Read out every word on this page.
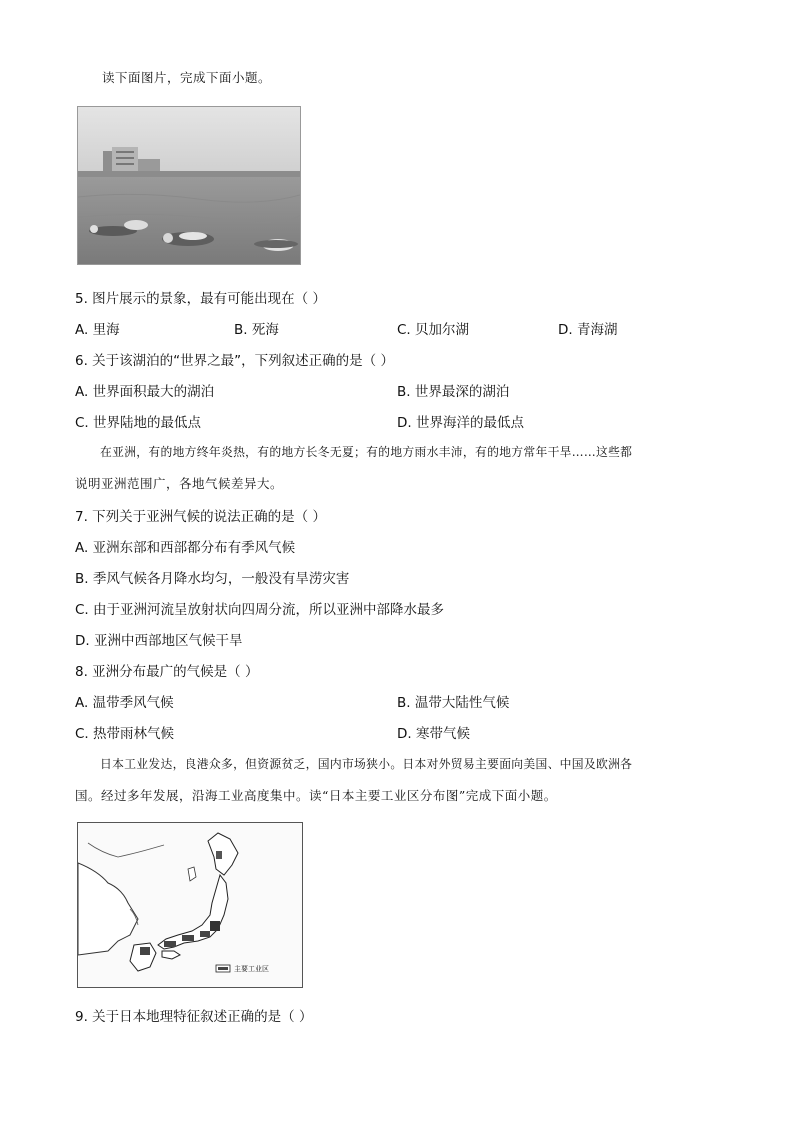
读下面图片，完成下面小题。
5. 图片展示的景象，最有可能出现在（ ）
A. 里海	B. 死海	C. 贝加尔湖	D. 青海湖
6. 关于该湖泊的“世界之最”，下列叙述正确的是（ ）
A. 世界面积最大的湖泊	B. 世界最深的湖泊
C. 世界陆地的最低点	D. 世界海洋的最低点
在亚洲，有的地方终年炎热，有的地方长冬无夏；有的地方雨水丰沛，有的地方常年干旱……这些都
说明亚洲范围广，各地气候差异大。
7. 下列关于亚洲气候的说法正确的是（ ）
A. 亚洲东部和西部都分布有季风气候
B. 季风气候各月降水均匀，一般没有旱涝灾害
C. 由于亚洲河流呈放射状向四周分流，所以亚洲中部降水最多
D. 亚洲中西部地区气候干旱
8. 亚洲分布最广的气候是（ ）
A. 温带季风气候	B. 温带大陆性气候
C. 热带雨林气候	D. 寒带气候
日本工业发达，良港众多，但资源贫乏，国内市场狭小。日本对外贸易主要面向美国、中国及欧洲各
国。经过多年发展，沿海工业高度集中。读“日本主要工业区分布图”完成下面小题。
主要工业区
9. 关于日本地理特征叙述正确的是（ ）
